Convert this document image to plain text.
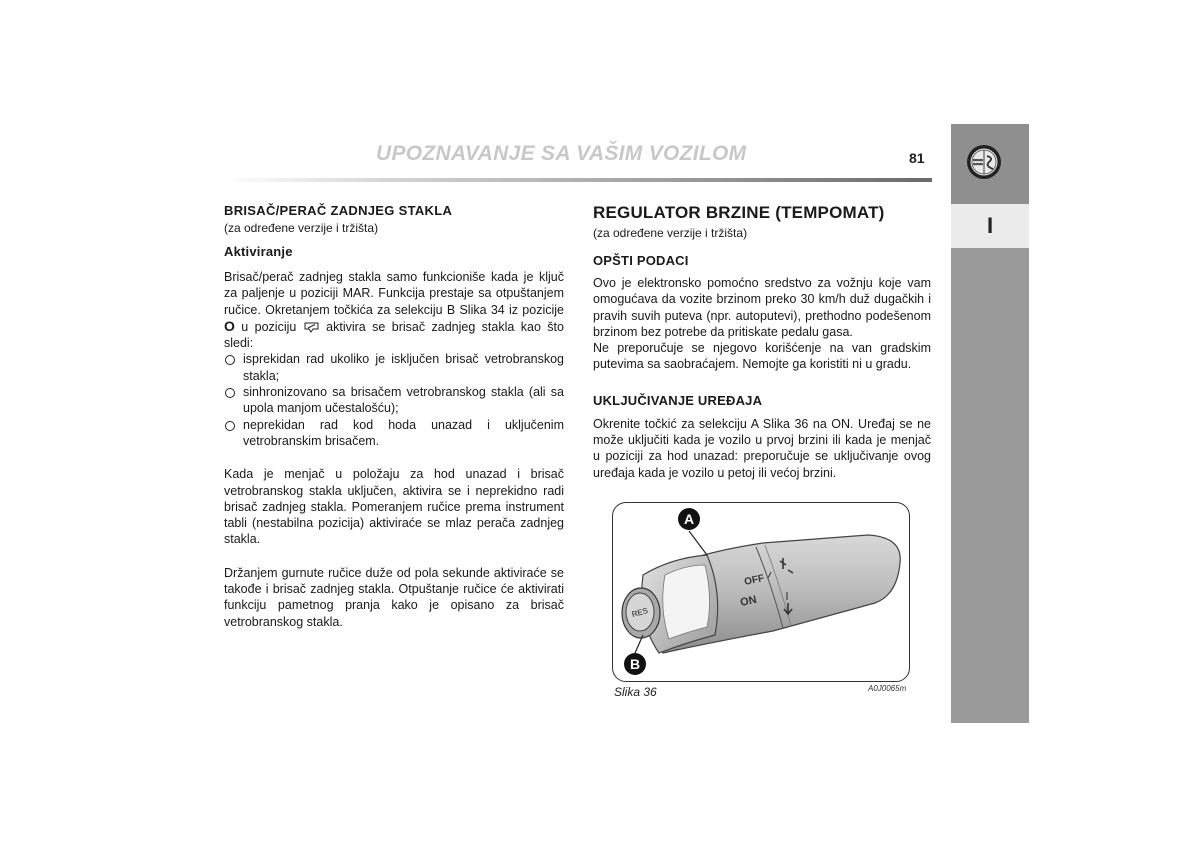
UPOZNAVANJE SA VAŠIM VOZILOM	81
I
BRISAČ/PERAČ ZADNJEG STAKLA

(za određene verzije i tržišta)

Aktiviranje

Brisač/perač zadnjeg stakla samo funkcioniše kada je ključ za paljenje u poziciji MAR. Funkcija prestaje sa otpuštanjem ručice. Okretanjem točkića za selekciju B Slika 34 iz pozicije O u poziciju aktivira se brisač zadnjeg stakla kao što sledi:

isprekidan rad ukoliko je isključen brisač vetrobranskog stakla;
sinhronizovano sa brisačem vetrobranskog stakla (ali sa upola manjom učestalošću);
neprekidan rad kod hoda unazad i uključenim vetrobranskim brisačem.

Kada je menjač u položaju za hod unazad i brisač vetrobranskog stakla uključen, aktivira se i neprekidno radi brisač zadnjeg stakla. Pomeranjem ručice prema instrument tabli (nestabilna pozicija) aktiviraće se mlaz perača zadnjeg stakla.

Držanjem gurnute ručice duže od pola sekunde aktiviraće se takođe i brisač zadnjeg stakla. Otpuštanje ručice će aktivirati funkciju pametnog pranja kako je opisano za brisač vetrobranskog stakla.

REGULATOR BRZINE (TEMPOMAT)

(za određene verzije i tržišta)

OPŠTI PODACI

Ovo je elektronsko pomoćno sredstvo za vožnju koje vam omogućava da vozite brzinom preko 30 km/h duž dugačkih i pravih suvih puteva (npr. autoputevi), prethodno podešenom brzinom bez potrebe da pritiskate pedalu gasa.

Ne preporučuje se njegovo korišćenje na van gradskim putevima sa saobraćajem. Nemojte ga koristiti ni u gradu.

UKLJUČIVANJE UREĐAJA

Okrenite točkić za selekciju A Slika 36 na ON. Uređaj se ne može uključiti kada je vozilo u prvoj brzini ili kada je menjač u poziciji za hod unazad: preporučuje se uključivanje ovog uređaja kada je vozilo u petoj ili većoj brzini.

RES
OFF
ON
A
B
Slika 36	A0J0065m
